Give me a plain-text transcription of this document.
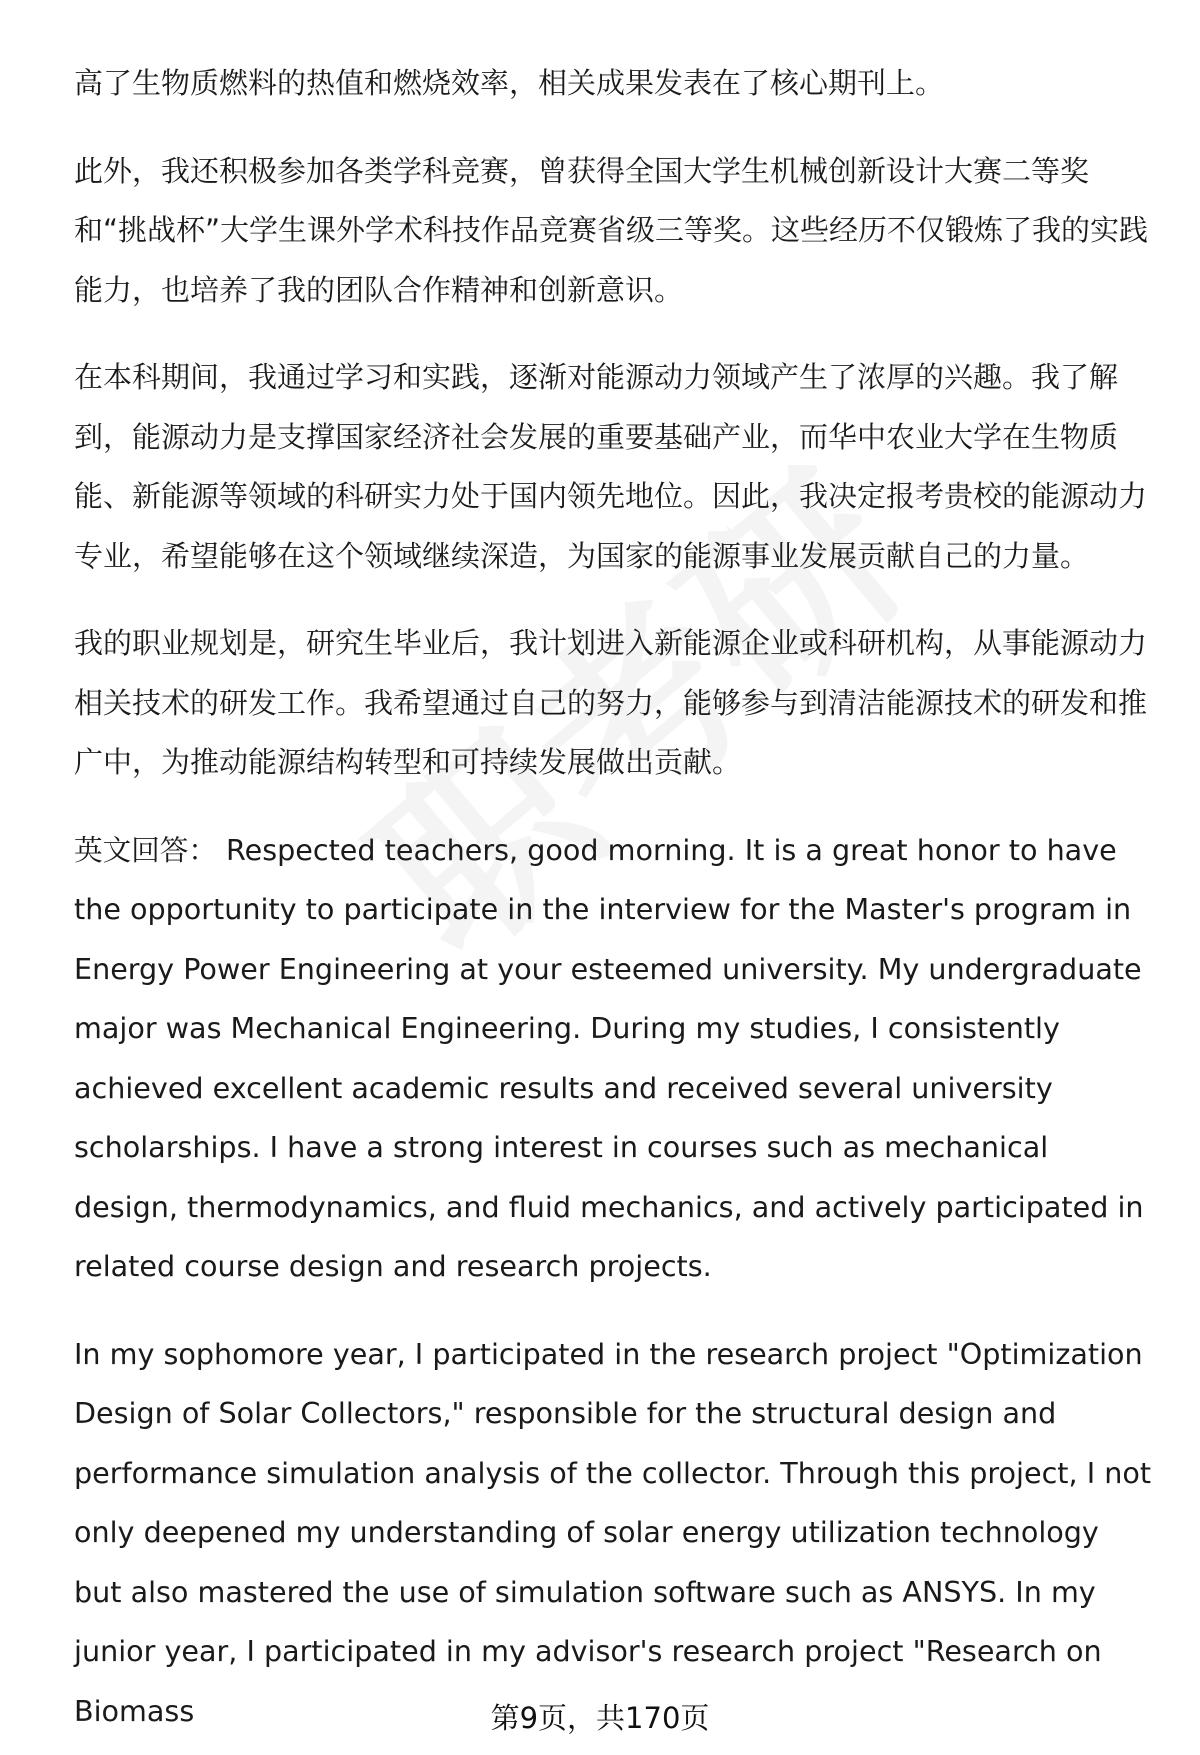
高了生物质燃料的热值和燃烧效率，相关成果发表在了核心期刊上。

此外，我还积极参加各类学科竞赛，曾获得全国大学生机械创新设计大赛二等奖和“挑战杯”大学生课外学术科技作品竞赛省级三等奖。这些经历不仅锻炼了我的实践能力，也培养了我的团队合作精神和创新意识。

在本科期间，我通过学习和实践，逐渐对能源动力领域产生了浓厚的兴趣。我了解到，能源动力是支撑国家经济社会发展的重要基础产业，而华中农业大学在生物质能、新能源等领域的科研实力处于国内领先地位。因此，我决定报考贵校的能源动力专业，希望能够在这个领域继续深造，为国家的能源事业发展贡献自己的力量。

我的职业规划是，研究生毕业后，我计划进入新能源企业或科研机构，从事能源动力相关技术的研发工作。我希望通过自己的努力，能够参与到清洁能源技术的研发和推广中，为推动能源结构转型和可持续发展做出贡献。

英文回答： Respected teachers, good morning. It is a great honor to have the opportunity to participate in the interview for the Master's program in Energy Power Engineering at your esteemed university. My undergraduate major was Mechanical Engineering. During my studies, I consistently achieved excellent academic results and received several university scholarships. I have a strong interest in courses such as mechanical design, thermodynamics, and fluid mechanics, and actively participated in related course design and research projects.

In my sophomore year, I participated in the research project "Optimization Design of Solar Collectors," responsible for the structural design and performance simulation analysis of the collector. Through this project, I not only deepened my understanding of solar energy utilization technology but also mastered the use of simulation software such as ANSYS. In my junior year, I participated in my advisor's research project "Research on Biomass	第9页，共170页
